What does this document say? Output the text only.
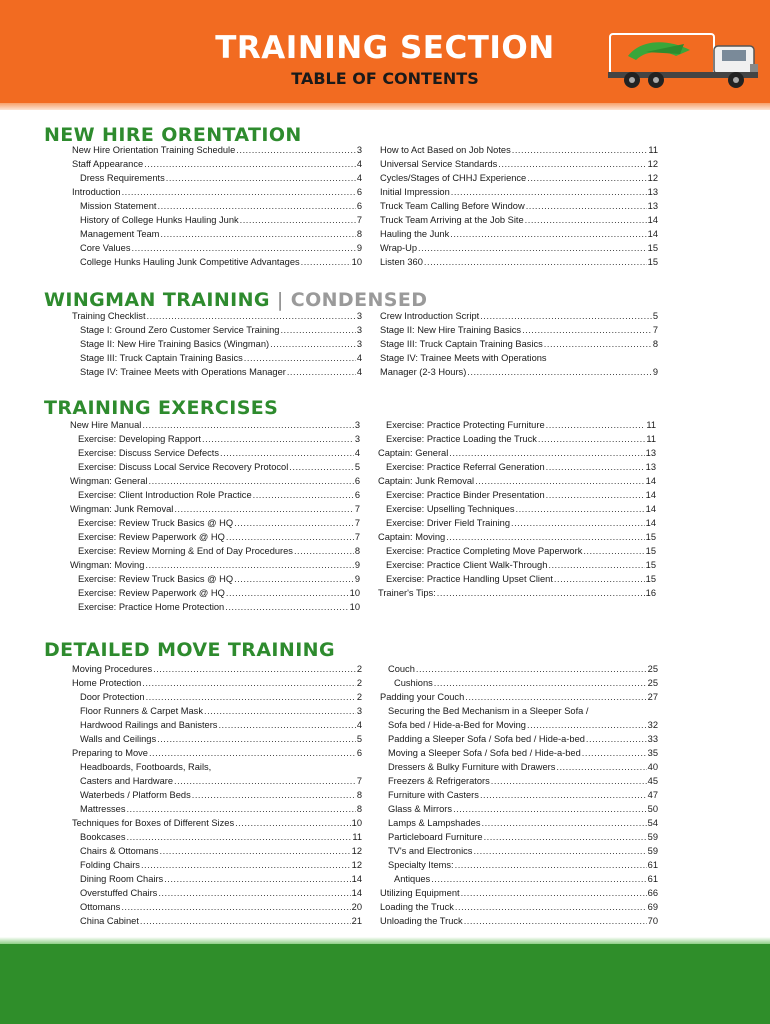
TRAINING SECTION
TABLE OF CONTENTS
NEW HIRE ORENTATION
New Hire Orientation Training Schedule .....	3
Staff Appearance .....	4
Dress Requirements .....	4
Introduction .....	6
Mission Statement .....	6
History of College Hunks Hauling Junk .....	7
Management Team .....	8
Core Values .....	9
College Hunks Hauling Junk Competitive Advantages .....	10
How to Act Based on Job Notes .....	11
Universal Service Standards .....	12
Cycles/Stages of CHHJ Experience .....	12
Initial Impression .....	13
Truck Team Calling Before Window .....	13
Truck Team Arriving at the Job Site .....	14
Hauling the Junk .....	14
Wrap-Up .....	15
Listen 360 .....	15
WINGMAN TRAINING | CONDENSED
Training Checklist .....	3
Stage I: Ground Zero Customer Service Training .....	3
Stage II: New Hire Training Basics (Wingman) .....	3
Stage III: Truck Captain Training Basics .....	4
Stage IV: Trainee Meets with Operations Manager .....	4
Crew Introduction Script .....	5
Stage II: New Hire Training Basics .....	7
Stage III: Truck Captain Training Basics .....	8
Stage IV: Trainee Meets with Operations
Manager (2-3 Hours) .....	9
TRAINING EXERCISES
New Hire Manual .....	3
Exercise: Developing Rapport .....	3
Exercise: Discuss Service Defects .....	4
Exercise: Discuss Local Service Recovery Protocol .....	5
Wingman: General .....	6
Exercise: Client Introduction Role Practice .....	6
Wingman: Junk Removal .....	7
Exercise: Review Truck Basics @ HQ .....	7
Exercise: Review Paperwork @ HQ .....	7
Exercise: Review Morning & End of Day Procedures .....	8
Wingman: Moving .....	9
Exercise: Review Truck Basics @ HQ .....	9
Exercise: Review Paperwork @ HQ .....	10
Exercise: Practice Home Protection .....	10
Exercise: Practice Protecting Furniture .....	11
Exercise: Practice Loading the Truck .....	11
Captain: General .....	13
Exercise: Practice Referral Generation .....	13
Captain: Junk Removal .....	14
Exercise: Practice Binder Presentation .....	14
Exercise: Upselling Techniques .....	14
Exercise: Driver Field Training .....	14
Captain: Moving .....	15
Exercise: Practice Completing Move Paperwork .....	15
Exercise: Practice Client Walk-Through .....	15
Exercise: Practice Handling Upset Client .....	15
Trainer's Tips: .....	16
DETAILED MOVE TRAINING
Moving Procedures .....	2
Home Protection .....	2
Door Protection .....	2
Floor Runners & Carpet Mask .....	3
Hardwood Railings and Banisters .....	4
Walls and Ceilings .....	5
Preparing to Move .....	6
Headboards, Footboards, Rails,
Casters and Hardware .....	7
Waterbeds / Platform Beds .....	8
Mattresses .....	8
Techniques for Boxes of Different Sizes .....	10
Bookcases .....	11
Chairs & Ottomans .....	12
Folding Chairs .....	12
Dining Room Chairs .....	14
Overstuffed Chairs .....	14
Ottomans .....	20
China Cabinet .....	21
Couch .....	25
Cushions .....	25
Padding your Couch .....	27
Securing the Bed Mechanism in a Sleeper Sofa /
Sofa bed / Hide-a-Bed for Moving .....	32
Padding a Sleeper Sofa / Sofa bed / Hide-a-bed .....	33
Moving a Sleeper Sofa / Sofa bed / Hide-a-bed .....	35
Dressers & Bulky Furniture with Drawers .....	40
Freezers & Refrigerators .....	45
Furniture with Casters .....	47
Glass & Mirrors .....	50
Lamps & Lampshades .....	54
Particleboard Furniture .....	59
TV's and Electronics .....	59
Specialty Items: .....	61
Antiques .....	61
Utilizing Equipment .....	66
Loading the Truck .....	69
Unloading the Truck .....	70
